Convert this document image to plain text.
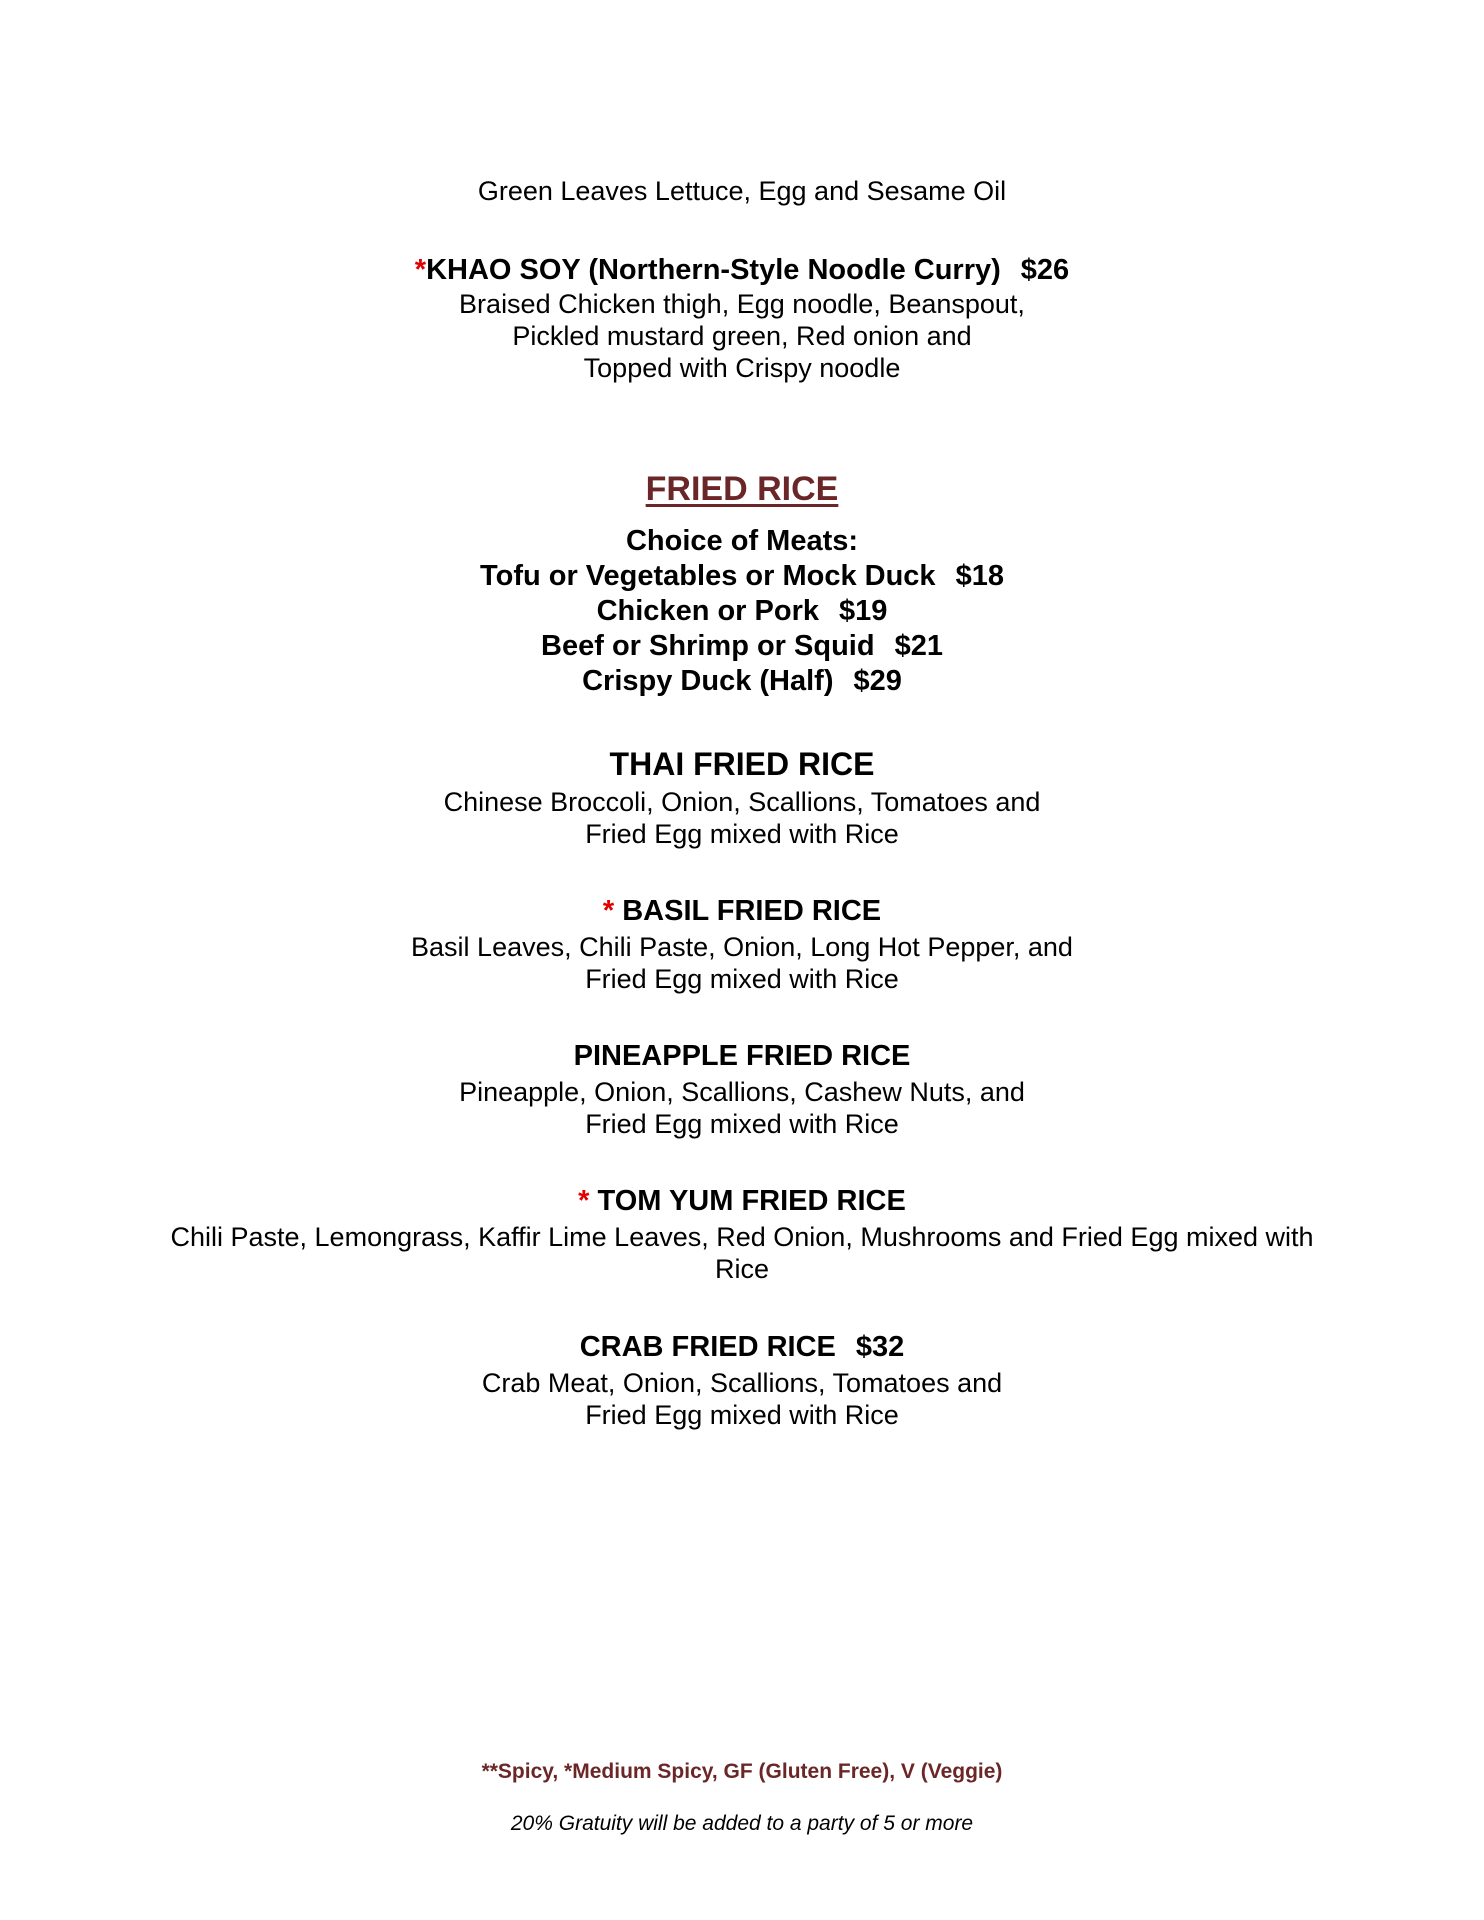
Green Leaves Lettuce, Egg and Sesame Oil
*KHAO SOY (Northern-Style Noodle Curry) $26
Braised Chicken thigh, Egg noodle, Beanspout,
Pickled mustard green, Red onion and
Topped with Crispy noodle
FRIED RICE
Choice of Meats:
Tofu or Vegetables or Mock Duck $18
Chicken or Pork $19
Beef or Shrimp or Squid $21
Crispy Duck (Half) $29
THAI FRIED RICE
Chinese Broccoli, Onion, Scallions, Tomatoes and
Fried Egg mixed with Rice
* BASIL FRIED RICE
Basil Leaves, Chili Paste, Onion, Long Hot Pepper, and
Fried Egg mixed with Rice
PINEAPPLE FRIED RICE
Pineapple, Onion, Scallions, Cashew Nuts, and
Fried Egg mixed with Rice
* TOM YUM FRIED RICE
Chili Paste, Lemongrass, Kaffir Lime Leaves, Red Onion, Mushrooms and Fried Egg mixed with
Rice
CRAB FRIED RICE $32
Crab Meat, Onion, Scallions, Tomatoes and
Fried Egg mixed with Rice
**Spicy, *Medium Spicy, GF (Gluten Free), V (Veggie)
20% Gratuity will be added to a party of 5 or more
